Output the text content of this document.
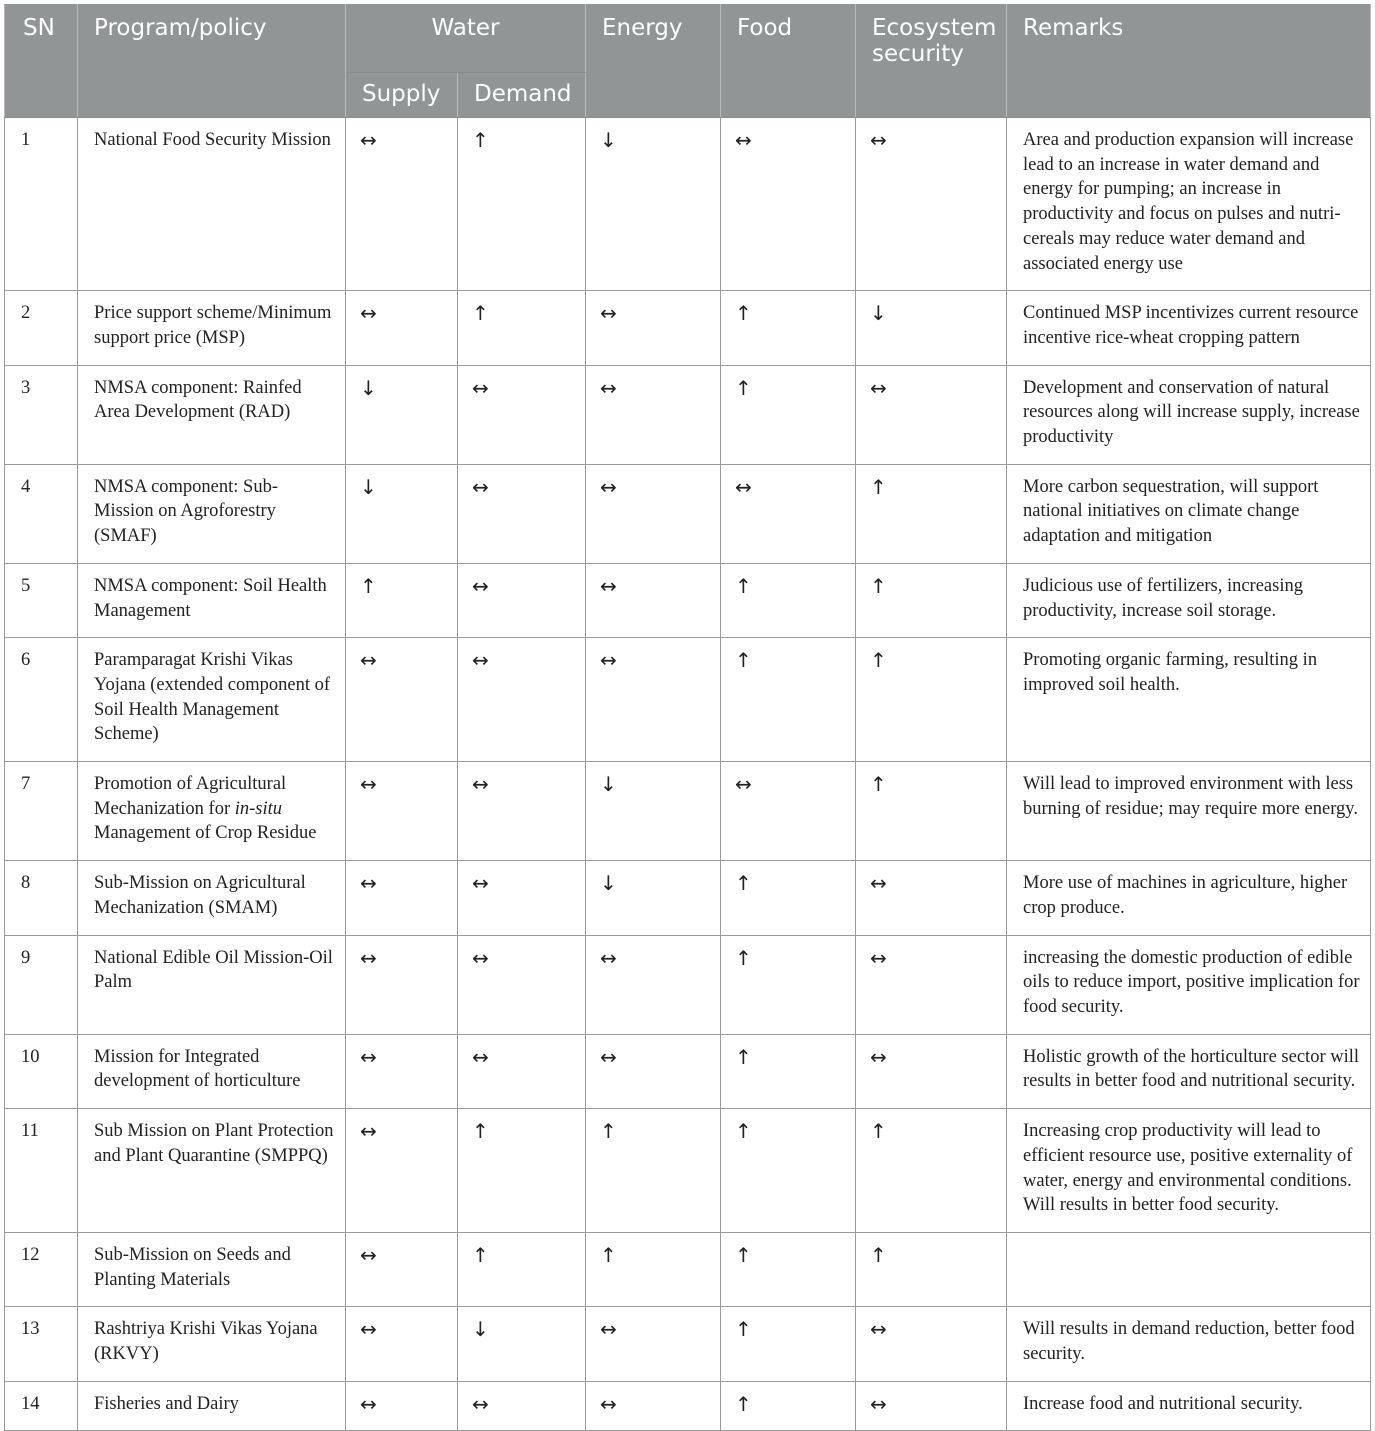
SN	Program/policy	Water		Energy	Food	Ecosystem security	Remarks
		Supply	Demand				
1	National Food Security Mission	↔	↑	↓	↔	↔	Area and production expansion will increase lead to an increase in water demand and energy for pumping; an increase in productivity and focus on pulses and nutri- cereals may reduce water demand and associated energy use
2	Price support scheme/Minimum support price (MSP)	↔	↑	↔	↑	↓	Continued MSP incentivizes current resource incentive rice-wheat cropping pattern
3	NMSA component: Rainfed Area Development (RAD)	↓	↔	↔	↑	↔	Development and conservation of natural resources along will increase supply, increase productivity
4	NMSA component: Sub-Mission on Agroforestry (SMAF)	↓	↔	↔	↔	↑	More carbon sequestration, will support national initiatives on climate change adaptation and mitigation
5	NMSA component: Soil Health Management	↑	↔	↔	↑	↑	Judicious use of fertilizers, increasing productivity, increase soil storage.
6	Paramparagat Krishi Vikas Yojana (extended component of Soil Health Management Scheme)	↔	↔	↔	↑	↑	Promoting organic farming, resulting in improved soil health.
7	Promotion of Agricultural Mechanization for in-situ Management of Crop Residue	↔	↔	↓	↔	↑	Will lead to improved environment with less burning of residue; may require more energy.
8	Sub-Mission on Agricultural Mechanization (SMAM)	↔	↔	↓	↑	↔	More use of machines in agriculture, higher crop produce.
9	National Edible Oil Mission-Oil Palm	↔	↔	↔	↑	↔	increasing the domestic production of edible oils to reduce import, positive implication for food security.
10	Mission for Integrated development of horticulture	↔	↔	↔	↑	↔	Holistic growth of the horticulture sector will results in better food and nutritional security.
11	Sub Mission on Plant Protection and Plant Quarantine (SMPPQ)	↔	↑	↑	↑	↑	Increasing crop productivity will lead to efficient resource use, positive externality of water, energy and environmental conditions. Will results in better food security.
12	Sub-Mission on Seeds and Planting Materials	↔	↑	↑	↑	↑	
13	Rashtriya Krishi Vikas Yojana (RKVY)	↔	↓	↔	↑	↔	Will results in demand reduction, better food security.
14	Fisheries and Dairy	↔	↔	↔	↑	↔	Increase food and nutritional security.
